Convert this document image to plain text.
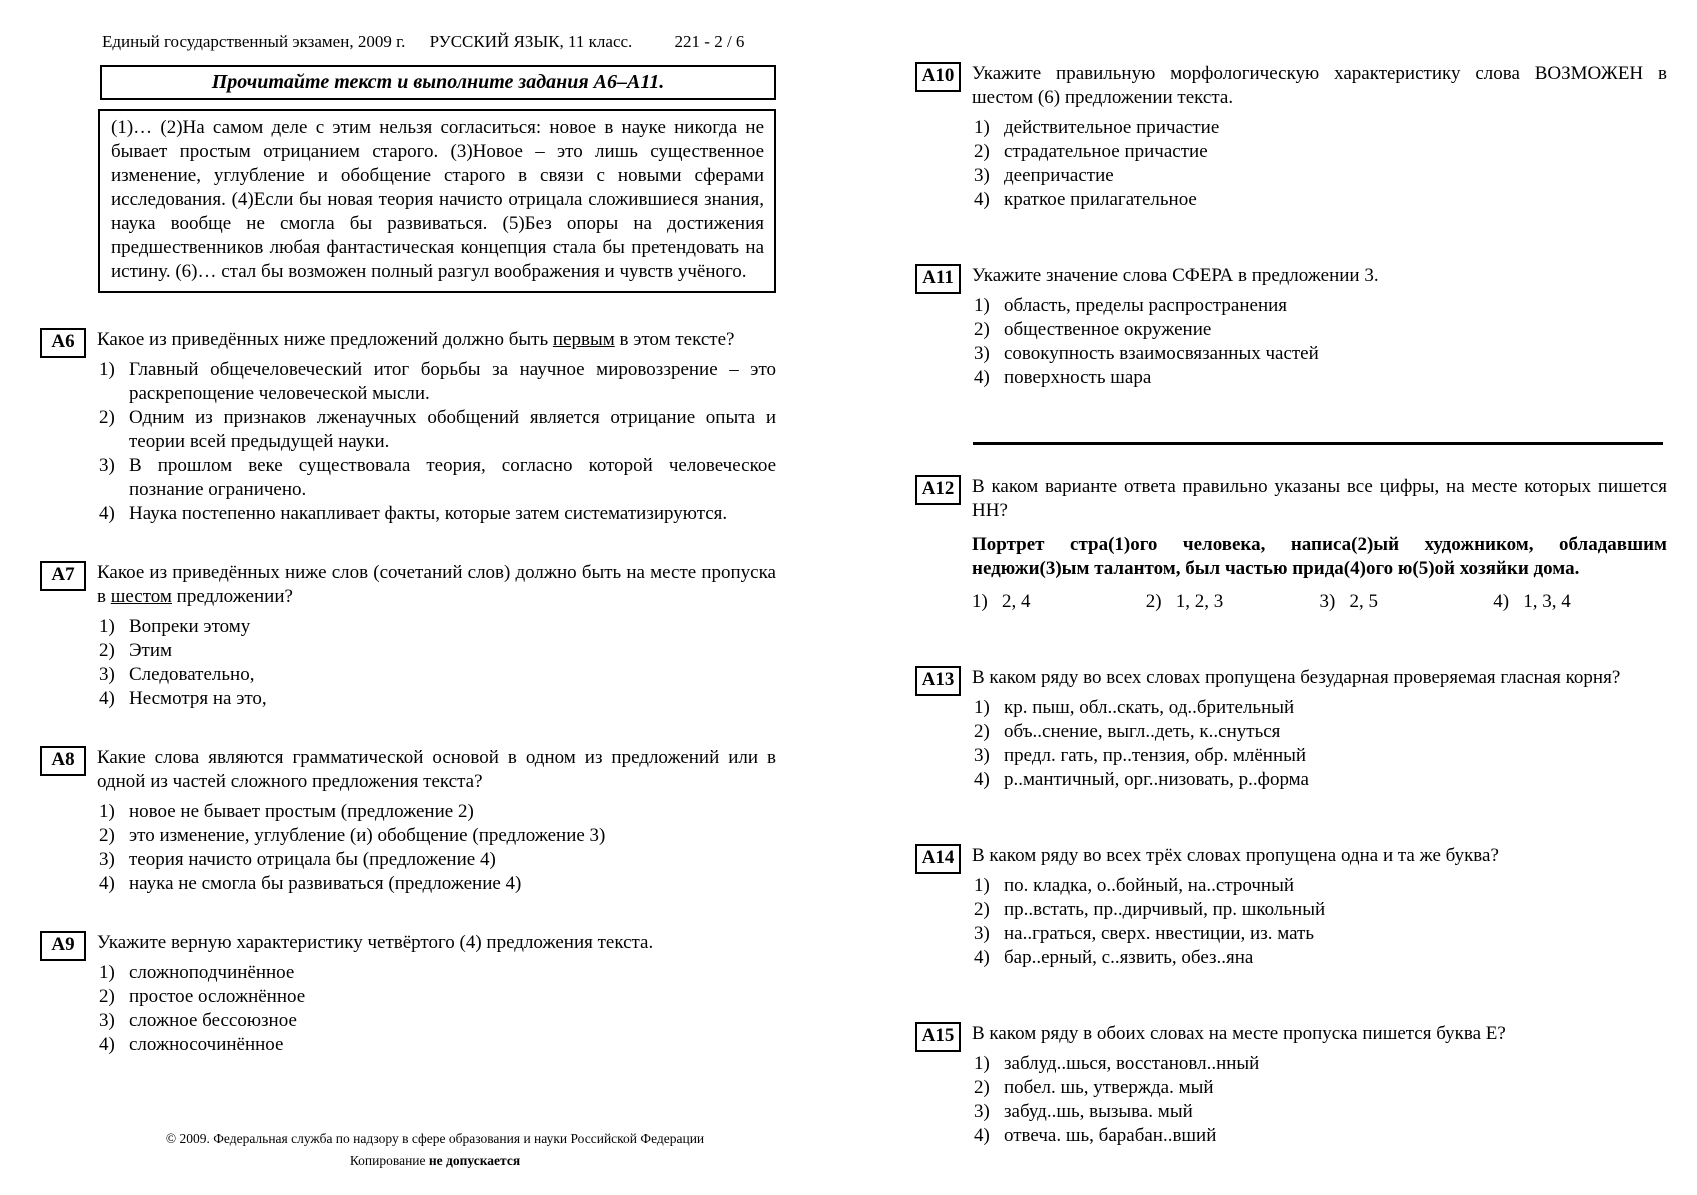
Единый государственный экзамен, 2009 г. РУССКИЙ ЯЗЫК, 11 класс. 221 - 2 / 6
Прочитайте текст и выполните задания А6–А11.
(1)… (2)На самом деле с этим нельзя согласиться: новое в науке никогда не бывает простым отрицанием старого. (3)Новое – это лишь существенное изменение, углубление и обобщение старого в связи с новыми сферами исследования. (4)Если бы новая теория начисто отрицала сложившиеся знания, наука вообще не смогла бы развиваться. (5)Без опоры на достижения предшественников любая фантастическая концепция стала бы претендовать на истину. (6)… стал бы возможен полный разгул воображения и чувств учёного.
А6	Какое из приведённых ниже предложений должно быть первым в этом тексте?
1) Главный общечеловеческий итог борьбы за научное мировоззрение – это раскрепощение человеческой мысли.
2) Одним из признаков лженаучных обобщений является отрицание опыта и теории всей предыдущей науки.
3) В прошлом веке существовала теория, согласно которой человеческое познание ограничено.
4) Наука постепенно накапливает факты, которые затем систематизируются.
А7	Какое из приведённых ниже слов (сочетаний слов) должно быть на месте пропуска в шестом предложении?
1) Вопреки этому
2) Этим
3) Следовательно,
4) Несмотря на это,
А8	Какие слова являются грамматической основой в одном из предложений или в одной из частей сложного предложения текста?
1) новое не бывает простым (предложение 2)
2) это изменение, углубление (и) обобщение (предложение 3)
3) теория начисто отрицала бы (предложение 4)
4) наука не смогла бы развиваться (предложение 4)
А9	Укажите верную характеристику четвёртого (4) предложения текста.
1) сложноподчинённое
2) простое осложнённое
3) сложное бессоюзное
4) сложносочинённое
А10 Укажите правильную морфологическую характеристику слова ВОЗМОЖЕН в шестом (6) предложении текста.
1) действительное причастие
2) страдательное причастие
3) деепричастие
4) краткое прилагательное
А11 Укажите значение слова СФЕРА в предложении 3.
1) область, пределы распространения
2) общественное окружение
3) совокупность взаимосвязанных частей
4) поверхность шара
А12 В каком варианте ответа правильно указаны все цифры, на месте которых пишется НН?
Портрет стра(1)ого человека, написа(2)ый художником, обладавшим недюжи(3)ым талантом, был частью прида(4)ого ю(5)ой хозяйки дома.
1) 2, 4	2) 1, 2, 3	3) 2, 5	4) 1, 3, 4
А13 В каком ряду во всех словах пропущена безударная проверяемая гласная корня?
1) кр. пыш, обл..скать, од..брительный
2) объ..снение, выгл..деть, к..снуться
3) предл. гать, пр..тензия, обр. млённый
4) р..мантичный, орг..низовать, р..форма
А14 В каком ряду во всех трёх словах пропущена одна и та же буква?
1) по. кладка, о..бойный, на..строчный
2) пр..встать, пр..дирчивый, пр. школьный
3) на..граться, сверх. нвестиции, из. мать
4) бар..ерный, с..язвить, обез..яна
А15 В каком ряду в обоих словах на месте пропуска пишется буква Е?
1) заблуд..шься, восстановл..нный
2) побел. шь, утвержда. мый
3) забуд..шь, вызыва. мый
4) отвеча. шь, барабан..вший
© 2009. Федеральная служба по надзору в сфере образования и науки Российской Федерации
Копирование не допускается
